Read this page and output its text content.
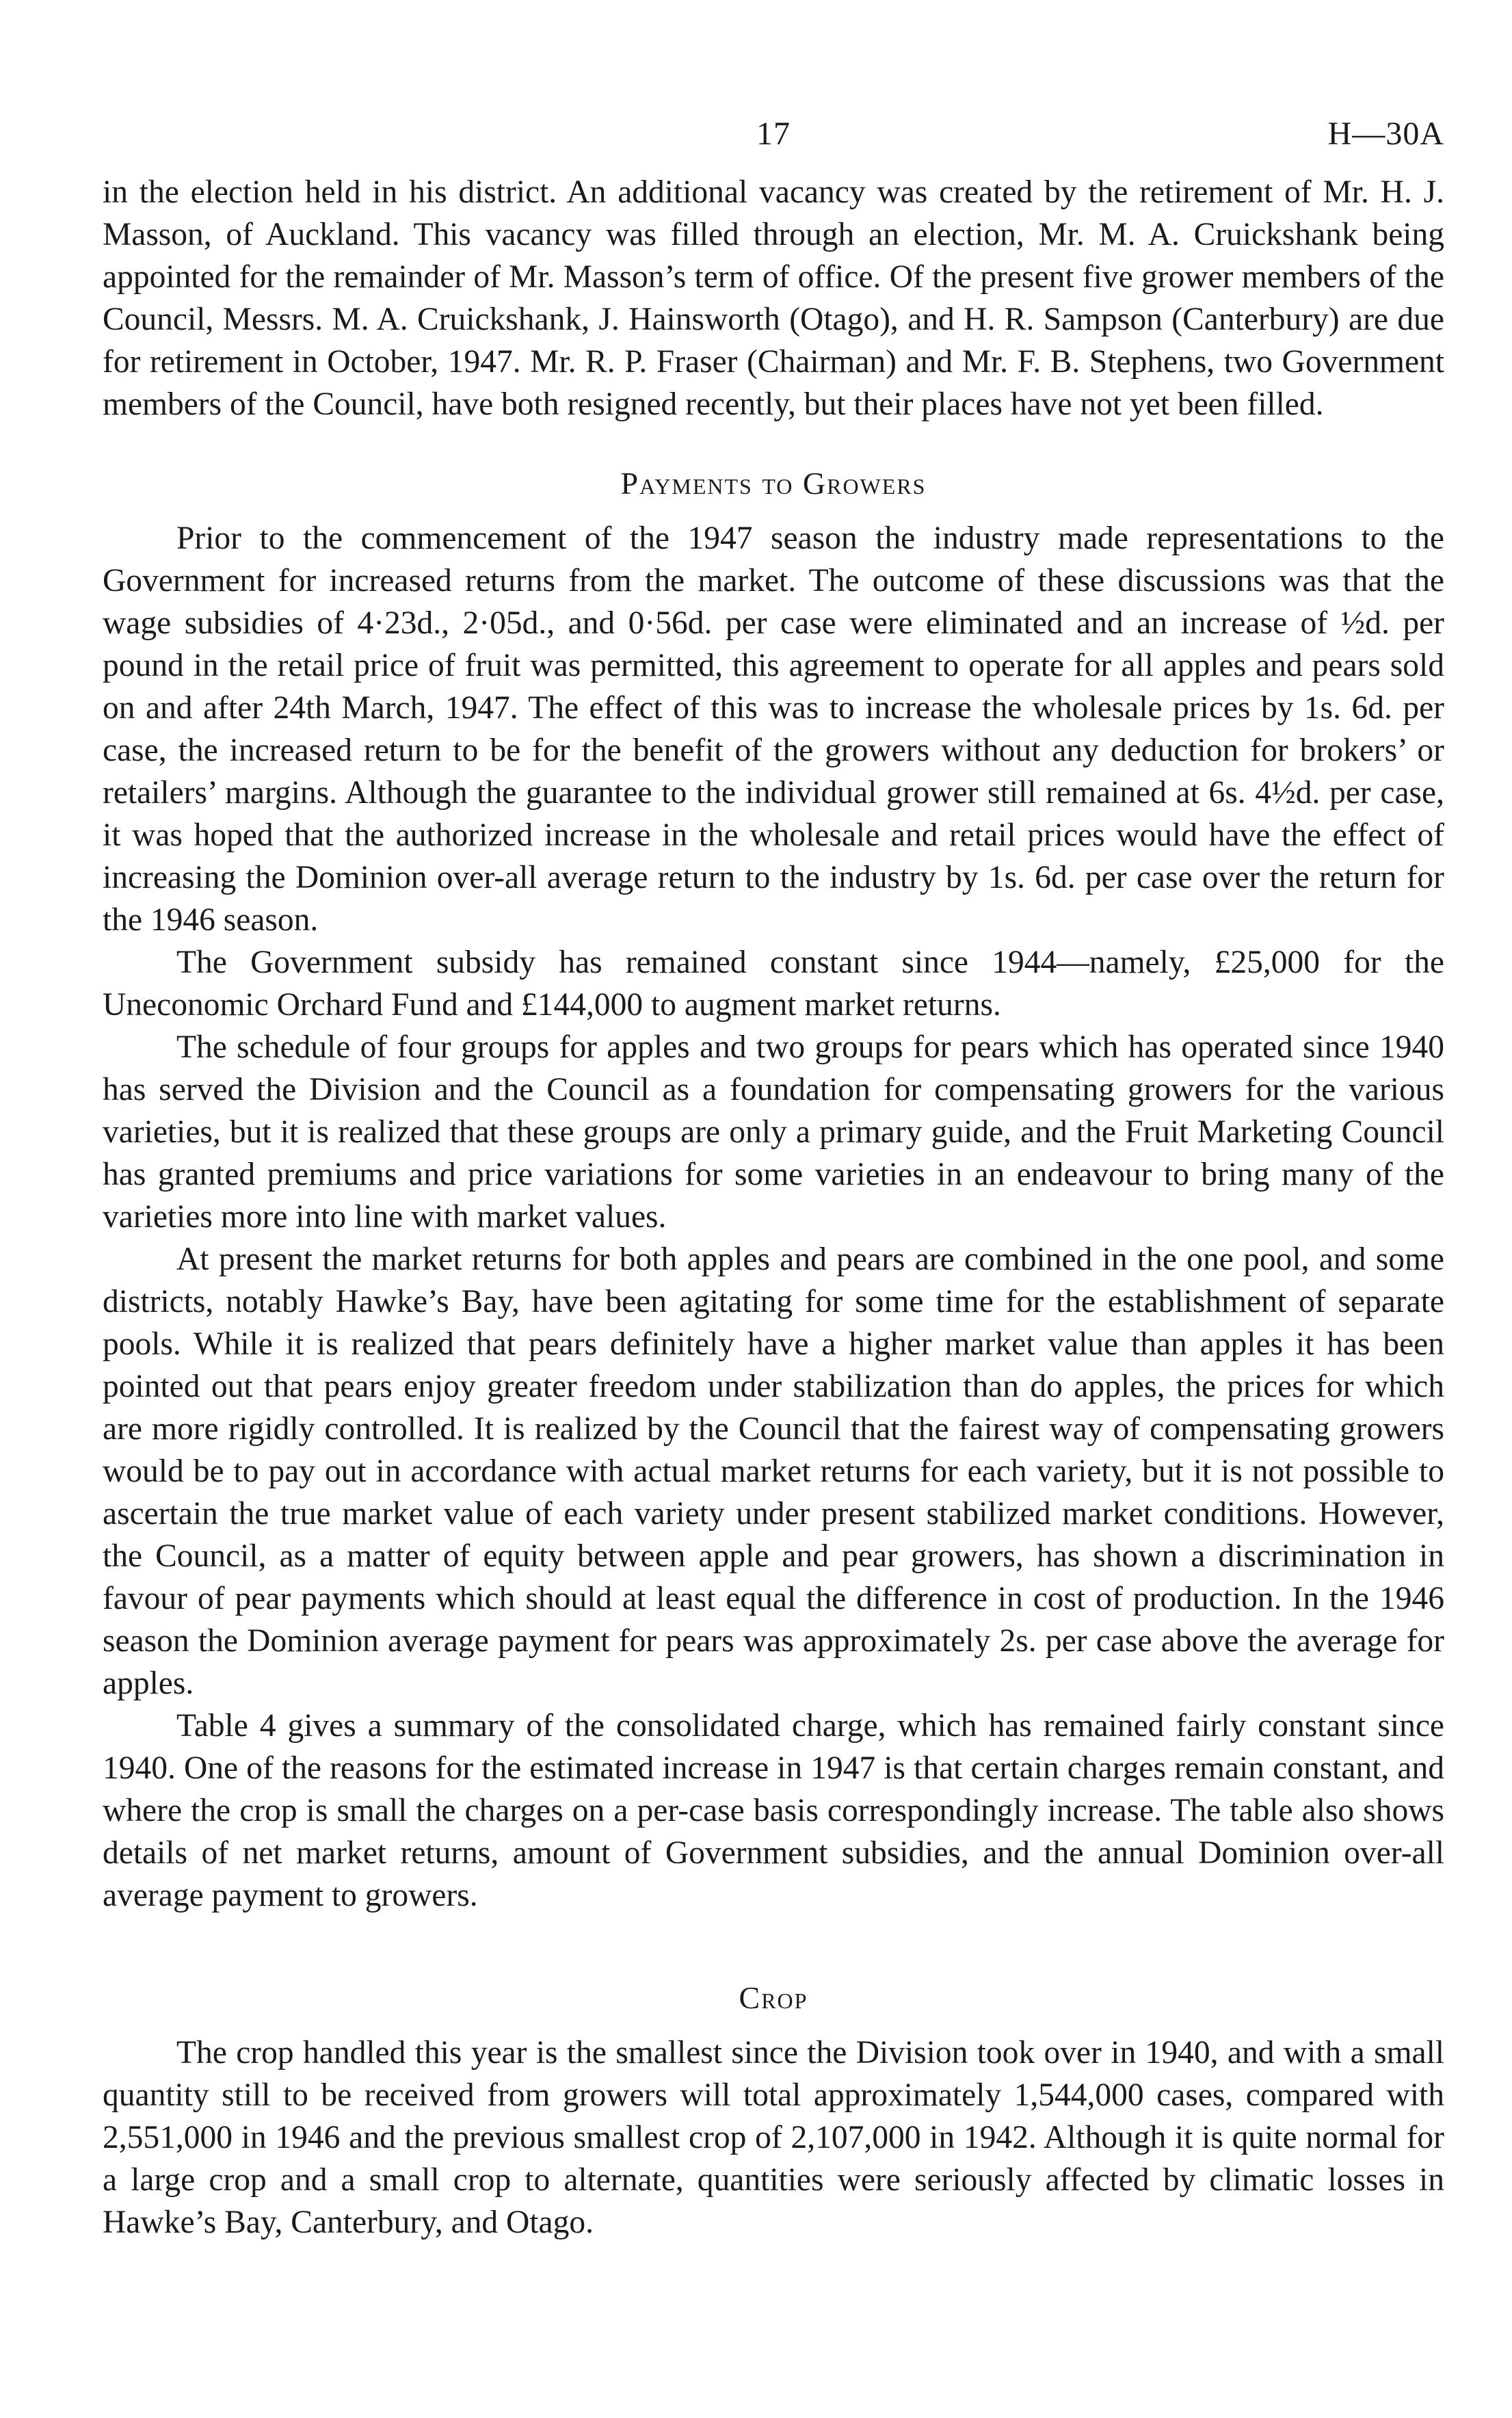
17	H—30A

in the election held in his district. An additional vacancy was created by the retirement of Mr. H. J. Masson, of Auckland. This vacancy was filled through an election, Mr. M. A. Cruickshank being appointed for the remainder of Mr. Masson’s term of office. Of the present five grower members of the Council, Messrs. M. A. Cruickshank, J. Hainsworth (Otago), and H. R. Sampson (Canterbury) are due for retirement in October, 1947. Mr. R. P. Fraser (Chairman) and Mr. F. B. Stephens, two Government members of the Council, have both resigned recently, but their places have not yet been filled.

Payments to Growers

Prior to the commencement of the 1947 season the industry made representations to the Government for increased returns from the market. The outcome of these discussions was that the wage subsidies of 4·23d., 2·05d., and 0·56d. per case were eliminated and an increase of ½d. per pound in the retail price of fruit was permitted, this agreement to operate for all apples and pears sold on and after 24th March, 1947. The effect of this was to increase the wholesale prices by 1s. 6d. per case, the increased return to be for the benefit of the growers without any deduction for brokers’ or retailers’ margins. Although the guarantee to the individual grower still remained at 6s. 4½d. per case, it was hoped that the authorized increase in the wholesale and retail prices would have the effect of increasing the Dominion over-all average return to the industry by 1s. 6d. per case over the return for the 1946 season.

The Government subsidy has remained constant since 1944—namely, £25,000 for the Uneconomic Orchard Fund and £144,000 to augment market returns.

The schedule of four groups for apples and two groups for pears which has operated since 1940 has served the Division and the Council as a foundation for compensating growers for the various varieties, but it is realized that these groups are only a primary guide, and the Fruit Marketing Council has granted premiums and price variations for some varieties in an endeavour to bring many of the varieties more into line with market values.

At present the market returns for both apples and pears are combined in the one pool, and some districts, notably Hawke’s Bay, have been agitating for some time for the establishment of separate pools. While it is realized that pears definitely have a higher market value than apples it has been pointed out that pears enjoy greater freedom under stabilization than do apples, the prices for which are more rigidly controlled. It is realized by the Council that the fairest way of compensating growers would be to pay out in accordance with actual market returns for each variety, but it is not possible to ascertain the true market value of each variety under present stabilized market conditions. However, the Council, as a matter of equity between apple and pear growers, has shown a discrimination in favour of pear payments which should at least equal the difference in cost of production. In the 1946 season the Dominion average payment for pears was approximately 2s. per case above the average for apples.

Table 4 gives a summary of the consolidated charge, which has remained fairly constant since 1940. One of the reasons for the estimated increase in 1947 is that certain charges remain constant, and where the crop is small the charges on a per-case basis correspondingly increase. The table also shows details of net market returns, amount of Government subsidies, and the annual Dominion over-all average payment to growers.

Crop

The crop handled this year is the smallest since the Division took over in 1940, and with a small quantity still to be received from growers will total approximately 1,544,000 cases, compared with 2,551,000 in 1946 and the previous smallest crop of 2,107,000 in 1942. Although it is quite normal for a large crop and a small crop to alternate, quantities were seriously affected by climatic losses in Hawke’s Bay, Canterbury, and Otago.
